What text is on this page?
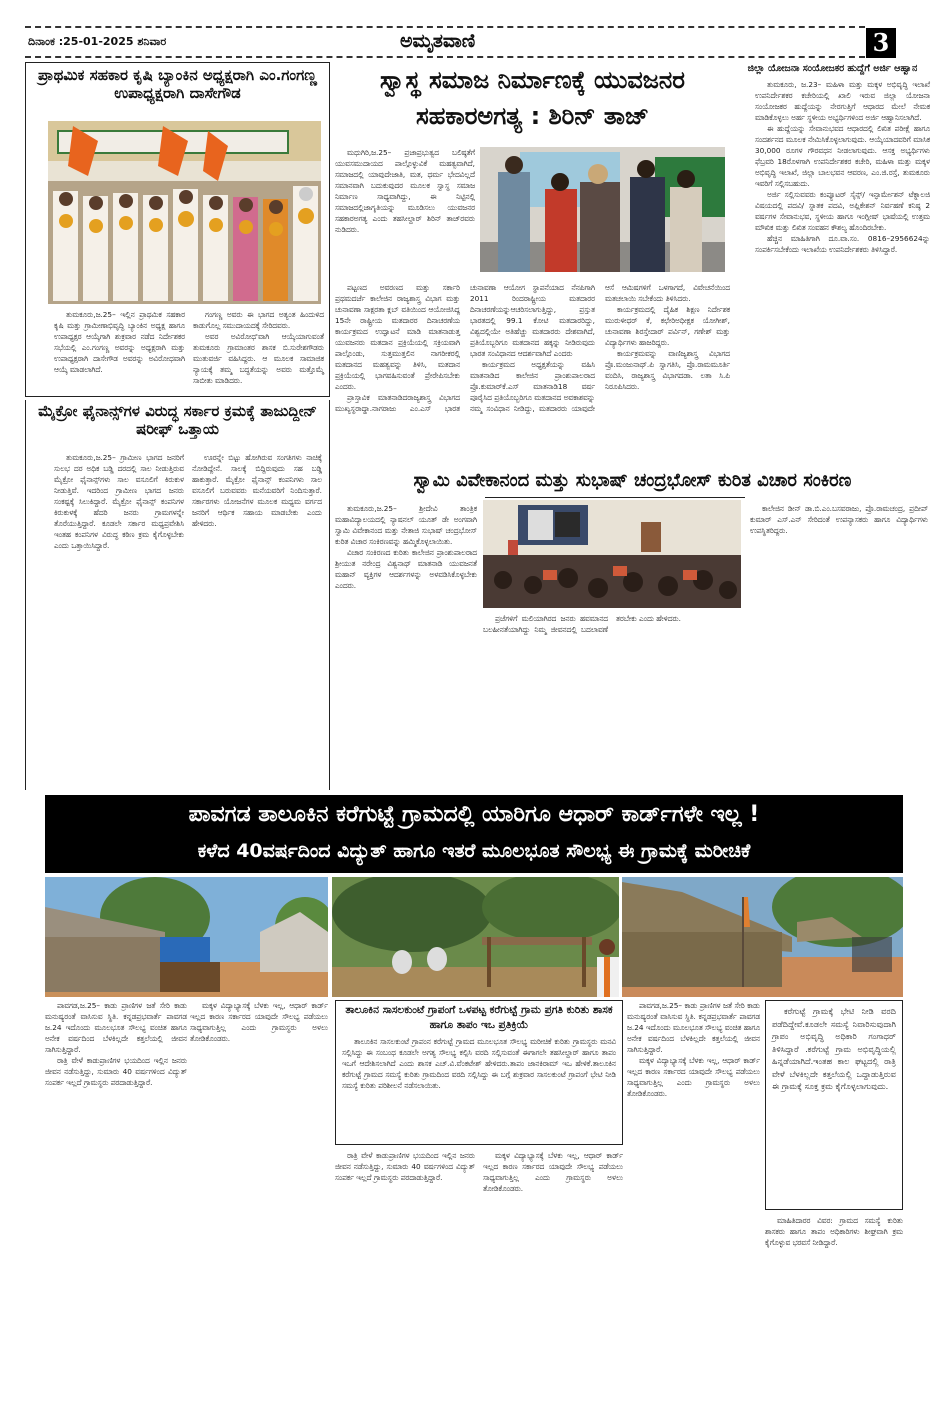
ದಿನಾಂಕ :25-01-2025 ಶನಿವಾರ	ಅಮೃತವಾಣಿ	3
ಪ್ರಾಥಮಿಕ ಸಹಕಾರ ಕೃಷಿ ಬ್ಯಾಂಕಿನ ಅಧ್ಯಕ್ಷರಾಗಿ ಎಂ.ಗಂಗಣ್ಣ ಉಪಾಧ್ಯಕ್ಷರಾಗಿ ದಾಸೇಗೌಡ

ತುಮಕೂರು,ಜ.25– ಇಲ್ಲಿನ ಪ್ರಾಥಮಿಕ ಸಹಕಾರ ಕೃಷಿ ಮತ್ತು ಗ್ರಾಮೀಣಾಭಿವೃದ್ಧಿ ಬ್ಯಾಂಕಿನ ಅಧ್ಯಕ್ಷ ಹಾಗೂ ಉಪಾಧ್ಯಕ್ಷರ ಆಯ್ಕೆಗಾಗಿ ಶುಕ್ರವಾರ ನಡೆದ ನಿರ್ದೇಶಕರ ಸಭೆಯಲ್ಲಿ ಎಂ.ಗಂಗಣ್ಣ ಅವರನ್ನು ಅಧ್ಯಕ್ಷರಾಗಿ ಮತ್ತು ಉಪಾಧ್ಯಕ್ಷರಾಗಿ ದಾಸೇಗೌಡ ಅವರನ್ನು ಅವಿರೋಧವಾಗಿ ಆಯ್ಕೆ ಮಾಡಲಾಗಿದೆ.

ಗಂಗಣ್ಣ ಅವರು ಈ ಭಾಗದ ಅತ್ಯಂತ ಹಿಂದುಳಿದ ಕಾಡುಗೊಲ್ಲ ಸಮುದಾಯದಕ್ಕೆ ಸೇರಿದವರು.

ಅವರ ಅವಿರೋಧ'ವಾಗಿ ಆಯ್ಕೆಯಾಗುವಂತೆ ತುಮಕೂರು ಗ್ರಾಮಾಂತರ ಶಾಸಕ ಬಿ.ಸುರೇಶಗೌಡರು ಮುತುವರ್ಜಿ ವಹಿಸಿದ್ದರು. ಆ ಮೂಲಕ ಸಾಮಾಜಿಕ ನ್ಯಾಯಕ್ಕೆ ತಮ್ಮ ಬದ್ಧತೆಯನ್ನು ಅವರು ಮತ್ತೊಮ್ಮೆ ಸಾಬೀತು ಮಾಡಿದರು.

ಮೈಕ್ರೋ ಫೈನಾನ್ಸ್‌ಗಳ ವಿರುದ್ಧ ಸರ್ಕಾರ ಕ್ರಮಕ್ಕೆ ತಾಜುದ್ದೀನ್ ಷರೀಫ್ ಒತ್ತಾಯ

ತುಮಕೂರು,ಜ.25– ಗ್ರಾಮೀಣ ಭಾಗದ ಜನರಿಗೆ ಸುಲಭ ದರ ಅಧಿಕ ಬಡ್ಡಿ ದರದಲ್ಲಿ ಸಾಲ ನೀಡುತ್ತಿರುವ ಮೈಕ್ರೋ ಫೈನಾನ್ಸ್‌ಗಳು ಸಾಲ ವಸೂಲಿಗೆ ಕಿರುಕುಳ ನೀಡುತ್ತಿವೆ. ಇದರಿಂದ ಗ್ರಾಮೀಣ ಭಾಗದ ಜನರು ಸಂಕಷ್ಟಕ್ಕೆ ಸಿಲುಕಿದ್ದಾರೆ. ಮೈಕ್ರೋ ಫೈನಾನ್ಸ್ ಕಂಪನಿಗಳ ಕಿರುಕುಳಕ್ಕೆ ಹೆದರಿ ಜನರು ಗ್ರಾಮಗಳನ್ನೇ ತೊರೆಯುತ್ತಿದ್ದಾರೆ. ಕೂಡಲೇ ಸರ್ಕಾರ ಮಧ್ಯಪ್ರವೇಶಿಸಿ ಇಂತಹ ಕಂಪನಿಗಳ ವಿರುದ್ಧ ಕಠಿಣ ಕ್ರಮ ಕೈಗೊಳ್ಳಬೇಕು ಎಂದು ಒತ್ತಾಯಿಸಿದ್ದಾರೆ.

ಊರನ್ನೇ ಬಿಟ್ಟು ಹೋಗಿರುವ ಸಂಗತಿಗಳು ನಾಚಿಕ್ಕೆ ನೋಡಿದ್ದೇನೆ. ಸಾಲಕ್ಕೆ ಬಿದ್ದಿರುವುದು ಸಹ ಬಡ್ಡಿ ಹಾಕುತ್ತಾರೆ. ಮೈಕ್ರೋ ಫೈನಾನ್ಸ್ ಕಂಪನಿಗಳು ಸಾಲ ವಸೂಲಿಗೆ ಬರುವವರು ಮನೆಯವರಿಗೆ ನಿಂದಿಸುತ್ತಾರೆ. ಸರ್ಕಾರಗಳು ಯೋಜನೆಗಳ ಮೂಲಕ ಮಧ್ಯಮ ವರ್ಗದ ಜನರಿಗೆ ಆರ್ಥಿಕ ಸಹಾಯ ಮಾಡಬೇಕು ಎಂದು ಹೇಳಿದರು.

ಸ್ವಾಸ್ಥ ಸಮಾಜ ನಿರ್ಮಾಣಕ್ಕೆ ಯುವಜನರ ಸಹಕಾರಅಗತ್ಯ : ಶಿರಿನ್ ತಾಜ್

ಮಧುಗಿರಿ,ಜ.25– ಪ್ರಜಾಪ್ರಭುತ್ವದ ಬಲಿಷ್ಠತೆಗೆ ಯುವಸಮುದಾಯದ ಪಾಲ್ಗೊಳ್ಳುವಿಕೆ ಮಹತ್ವವಾಗಿದೆ, ಸಮಾಜದಲ್ಲಿ ಯಾವುದೇಜಾತಿ, ಮತ, ಧರ್ಮ ಭೇದವಿಲ್ಲದೆ ಸಮಾನವಾಗಿ ಬದುಕುವುದರ ಮೂಲಕ ಸ್ವಾಸ್ಥ ಸಮಾಜ ನಿರ್ಮಾಣ ಸಾಧ್ಯವಾಗಿದ್ದು, ಈ ನಿಟ್ಟಿನಲ್ಲಿ ಸಮಾಜದಲ್ಲಿಜಾಗೃತಿಯನ್ನು ಮೂಡಿಸಲು ಯುವಜನರ ಸಹಕಾರಅಗತ್ಯ ಎಂದು ತಹಸೀಲ್ದಾರ್ ಶಿರಿನ್ ತಾಜ್‌ರವರು ನುಡಿದರು.

ಪಟ್ಟಣದ ಅವರಣದ ಮತ್ತು ಸರ್ಕಾರಿ ಪ್ರಥಮದರ್ಜೆ ಕಾಲೇಜಿನ ರಾಜ್ಯಶಾಸ್ತ್ರ ವಿಭಾಗ ಮತ್ತು ಚುನಾವಣಾ ಸಾಕ್ಷರತಾ ಕ್ಲಬ್ ವತಿಯಿಂದ ಆಯೋಜಿಸಿದ್ದ 15ನೇ ರಾಷ್ಟ್ರೀಯ ಮತದಾರರ ದಿನಾಚರಣೆಯ ಕಾರ್ಯಕ್ರಮದ ಉದ್ಘಾಟನೆ ಮಾಡಿ ಮಾತನಾಡುತ್ತ ಯುವಜನರು ಮತದಾನ ಪ್ರಕ್ರಿಯೆಯಲ್ಲಿ ಸಕ್ರಿಯವಾಗಿ ಪಾಲ್ಗೊಂಡು, ಸುತ್ತಮುತ್ತಲಿನ ನಾಗರೀಕರಲ್ಲಿ ಮತದಾನದ ಮಹತ್ವವನ್ನು ತಿಳಿಸಿ, ಮತದಾನ ಪ್ರಕ್ರಿಯೆಯಲ್ಲಿ ಭಾಗವಹಿಸುವಂತೆ ಪ್ರೇರೇಪಿಸಬೇಕು ಎಂದರು.

ಪ್ರಾಸ್ತಾವಿಕ ಮಾತನಾಡಿದರಾಜ್ಯಶಾಸ್ತ್ರ ವಿಭಾಗದ ಮುಖ್ಯಸ್ಥರಾದ್ಡಾ.ನಾಗರಾಜು ಎಂ.ಎಸ್ ಭಾರತ ಚುನಾವಣಾ ಆಯೋಗ ಸ್ಥಾಪನೆಯಾದ ನೆನಪಿಗಾಗಿ 2011 ರಿಂದರಾಷ್ಟ್ರೀಯ ಮತದಾರರ ದಿನಾಚರಣೆಯನ್ನುಆಚರಿಸಲಾಗುತ್ತಿದ್ದು, ಪ್ರಸ್ತುತ ಭಾರತದಲ್ಲಿ 99.1 ಕೋಟಿ ಮತದಾರರಿದ್ದು, ವಿಶ್ವದಲ್ಲಿಯೇ ಅತಿಹೆಚ್ಚು ಮತದಾರರು ದೇಶವಾಗಿದೆ, ಪ್ರತಿಯೊಬ್ಬರಿಗೂ ಮತದಾನದ ಹಕ್ಕನ್ನು ನೀಡಿರುವುದು ಭಾರತ ಸಂವಿಧಾನದ ಆದರ್ಶವಾಗಿದೆ ಎಂದರು

ಕಾರ್ಯಕ್ರಮದ ಅಧ್ಯಕ್ಷತೆಯನ್ನು ವಹಿಸಿ ಮಾತನಾಡಿದ ಕಾಲೇಜಿನ ಪ್ರಾಂಶುಪಾಲರಾದ ಪ್ರೊ.ಕುಮಾರ್‌ಕೆ.ಎಸ್ ಮಾತನಾಡಿ18 ವರ್ಷ ಪೂರೈಸಿದ ಪ್ರತಿಯೊಬ್ಬರಿಗೂ ಮತದಾನದ ಅವಕಾಶವನ್ನು ನಮ್ಮ ಸಂವಿಧಾನ ನೀಡಿದ್ದು, ಮತದಾರರು ಯಾವುದೇ ಆಸೆ ಆಮಿಷಗಳಿಗೆ ಒಳಗಾಗದೆ, ವಿವೇಚನೆಯಿಂದ ಮತಚಲಾಯಿ ಸಬೇಕೆಂದು ತಿಳಿಸಿದರು.

ಕಾರ್ಯಕ್ರಮದಲ್ಲಿ ದೈಹಿಕ ಶಿಕ್ಷಣ ನಿರ್ದೇಶಕ ಮುರುಳೀಧರ್ ಕೆ, ಕಛೇರಿಅಧೀಕ್ಷಕ ಯೋಗೀಶ್, ಚುನಾವಣಾ ಶಿರಸ್ತೇದಾರ್ ಪರ್ವಿನ್, ಗಣೇಶ್ ಮತ್ತು ವಿದ್ಯಾರ್ಥಿಗಳು ಹಾಜರಿದ್ದರು.

ಕಾರ್ಯಕ್ರಮವನ್ನು ವಾಣಿಜ್ಯಶಾಸ್ತ್ರ ವಿಭಾಗದ ಪ್ರೊ.ಮಂಜುನಾಥ್.ಪಿ ಸ್ವಾಗತಿಸಿ, ಪ್ರೊ.ರಾಮಮೂರ್ತಿ ವಂದಿಸಿ, ರಾಜ್ಯಶಾಸ್ತ್ರ ವಿಭಾಗದಡಾ. ಲತಾ ಸಿ.ಪಿ ನಿರೂಪಿಸಿದರು.

ಜಿಲ್ಲಾ ಯೋಜನಾ ಸಂಯೋಜಕರ ಹುದ್ದೆಗೆ ಅರ್ಜಿ ಆಹ್ವಾನ

ತುಮಕೂರು, ಜ.23– ಮಹಿಳಾ ಮತ್ತು ಮಕ್ಕಳ ಅಭಿವೃದ್ಧಿ ಇಲಾಖೆ ಉಪನಿರ್ದೇಶಕರ ಕಚೇರಿಯಲ್ಲಿ ಖಾಲಿ ಇರುವ ಜಿಲ್ಲಾ ಯೋಜನಾ ಸಂಯೋಜಕರ ಹುದ್ದೆಯನ್ನು ನೇರಗುತ್ತಿಗೆ ಆಧಾರದ ಮೇಲೆ ನೇಮಕ ಮಾಡಿಕೊಳ್ಳಲು ಅರ್ಹ ಸ್ಥಳೀಯ ಅಭ್ಯರ್ಥಿಗಳಿಂದ ಅರ್ಜಿ ಆಹ್ವಾನಿಸಲಾಗಿದೆ.

ಈ ಹುದ್ದೆಯನ್ನು ಸೇವಾನುಭವದ ಆಧಾರದಲ್ಲಿ ಲಿಖಿತ ಪರೀಕ್ಷೆ ಹಾಗೂ ಸಂದರ್ಶನದ ಮೂಲಕ ನೇಮಿಸಿಕೊಳ್ಳಲಾಗುವುದು. ಆಯ್ಕೆಯಾದವರಿಗೆ ಮಾಸಿಕ 30,000 ರೂಗಳ ಗೌರವಧನ ನೀಡಲಾಗುವುದು. ಆಸಕ್ತ ಅಭ್ಯರ್ಥಿಗಳು ಫೆಬ್ರವರಿ 18ರೊಳಗಾಗಿ ಉಪನಿರ್ದೇಶಕರ ಕಚೇರಿ, ಮಹಿಳಾ ಮತ್ತು ಮಕ್ಕಳ ಅಭಿವೃದ್ಧಿ ಇಲಾಖೆ, ಜಿಲ್ಲಾ ಬಾಲಭವನ ಆವರಣ, ಎಂ.ಜಿ.ರಸ್ತೆ, ತುಮಕೂರು ಇವರಿಗೆ ಸಲ್ಲಿಸಬಹುದು.

ಅರ್ಜಿ ಸಲ್ಲಿಸುವವರು ಕಂಪ್ಯೂಟರ್ ಸೈನ್ಸ್/ ಇನ್ಫಾರ್ಮೇಶನ್ ಟೆಕ್ನಾಲಜಿ ವಿಷಯದಲ್ಲಿ ಪದವಿ/ ಸ್ನಾತಕ ಪದವಿ, ಅಪ್ಲಿಕೇಶನ್ ನಿರ್ವಹಣೆ ಕನಿಷ್ಠ 2 ವರ್ಷಗಳ ಸೇವಾನುಭವ, ಸ್ಥಳೀಯ ಹಾಗೂ ಇಂಗ್ಲೀಷ್ ಭಾಷೆಯಲ್ಲಿ ಉತ್ತಮ ಮೌಖಿಕ ಮತ್ತು ಲಿಖಿತ ಸಂವಹನ ಕೌಶಲ್ಯ ಹೊಂದಿರಬೇಕು.

ಹೆಚ್ಚಿನ ಮಾಹಿತಿಗಾಗಿ ದೂ.ವಾ.ಸಂ. 0816–2956624ನ್ನು ಸಂಪರ್ಕಿಸಬೇಕೆಂದು ಇಲಾಖೆಯ ಉಪನಿರ್ದೇಶಕರು ತಿಳಿಸಿದ್ದಾರೆ.

ಸ್ವಾಮಿ ವಿವೇಕಾನಂದ ಮತ್ತು ಸುಭಾಷ್ ಚಂದ್ರಭೋಸ್ ಕುರಿತ ವಿಚಾರ ಸಂಕಿರಣ

ತುಮಕೂರು,ಜ.25– ಶ್ರೀದೇವಿ ತಾಂತ್ರಿಕ ಮಹಾವಿದ್ಯಾಲಯದಲ್ಲಿ ನ್ಯಾಷನಲ್ ಯೂತ್ ಡೇ ಅಂಗವಾಗಿ ಸ್ವಾಮಿ ವಿವೇಕಾನಂದ ಮತ್ತು ನೇತಾಜಿ ಸುಭಾಷ್ ಚಂದ್ರಭೋಸ್ ಕುರಿತ ವಿಚಾರ ಸಂಕಿರಣವನ್ನು ಹಮ್ಮಿಕೊಳ್ಳಲಾಯಿತು.

ವಿಚಾರ ಸಂಕಿರಣದ ಕುರಿತು ಕಾಲೇಜಿನ ಪ್ರಾಂಶುಪಾಲರಾದ ಶ್ರೀಯುತ ನರೇಂದ್ರ ವಿಶ್ವನಾಥ್ ಮಾತನಾಡಿ ಯುವಜನತೆ ಮಹಾನ್ ವ್ಯಕ್ತಿಗಳ ಆದರ್ಶಗಳನ್ನು ಅಳವಡಿಸಿಕೊಳ್ಳಬೇಕು ಎಂದರು.

ಪ್ರಜೆಗಳಿಗೆ ಮಲಿಯಾಗಿರದ ಜನರು ಹವಮಾನದ ಬಲಹೀನತೆಯಾಗಿದ್ದು ನಿಮ್ಮ ಜೀವನದಲ್ಲಿ ಬದಲಾವಣೆ ತರಬೇಕು ಎಂದು ಹೇಳಿದರು.

ಕಾಲೇಜಿನ ಡೀನ್ ಡಾ.ಬಿ.ಎಂ.ಬಸವರಾಜು, ಪ್ರೊ.ರಾಮಚಂದ್ರ, ಪ್ರದೀಪ್ ಕುಮಾರ್ ಎಸ್.ಎನ್ ಸೇರಿದಂತೆ ಉಪನ್ಯಾಸಕರು ಹಾಗೂ ವಿದ್ಯಾರ್ಥಿಗಳು ಉಪಸ್ಥಿತರಿದ್ದರು.

ಪಾವಗಡ ತಾಲೂಕಿನ ಕರೆಗುಟ್ಟೆ ಗ್ರಾಮದಲ್ಲಿ ಯಾರಿಗೂ ಆಧಾರ್ ಕಾರ್ಡ್‌ಗಳೇ ಇಲ್ಲ !
ಕಳೆದ 40ವರ್ಷದಿಂದ ವಿದ್ಯುತ್ ಹಾಗೂ ಇತರೆ ಮೂಲಭೂತ ಸೌಲಭ್ಯ ಈ ಗ್ರಾಮಕ್ಕೆ ಮರೀಚಿಕೆ

ಪಾವಗಡ,ಜ.25– ಕಾಡು ಪ್ರಾಣಿಗಳ ಜತೆ ಸೇರಿ ಕಾಡು ಮನುಷ್ಯರಂತೆ ವಾಸಿಸುವ ಸ್ಥಿತಿ. ಕನ್ನಡಪ್ರಭವಾರ್ತೆ ಪಾವಗಡ ಜ.24 ಇದೊಂದು ಮೂಲಭೂತ ಸೌಲಭ್ಯ ವಂಚಿತ ಹಾಗೂ ಅನೇಕ ವರ್ಷದಿಂದ ಬೆಳಕಿಲ್ಲದೇ ಕತ್ತಲೆಯಲ್ಲಿ ಜೀವನ ಸಾಗಿಸುತ್ತಿದ್ದಾರೆ.

ರಾತ್ರಿ ವೇಳೆ ಕಾಡುಪ್ರಾಣಿಗಳ ಭಯದಿಂದ ಇಲ್ಲಿನ ಜನರು ಜೀವನ ನಡೆಸುತ್ತಿದ್ದು, ಸುಮಾರು 40 ವರ್ಷಗಳಿಂದ ವಿದ್ಯುತ್ ಸಂಪರ್ಕ ಇಲ್ಲದೆ ಗ್ರಾಮಸ್ಥರು ಪರದಾಡುತ್ತಿದ್ದಾರೆ.

ಮಕ್ಕಳ ವಿದ್ಯಾಭ್ಯಾಸಕ್ಕೆ ಬೆಳಕು ಇಲ್ಲ, ಆಧಾರ್ ಕಾರ್ಡ್ ಇಲ್ಲದ ಕಾರಣ ಸರ್ಕಾರದ ಯಾವುದೇ ಸೌಲಭ್ಯ ಪಡೆಯಲು ಸಾಧ್ಯವಾಗುತ್ತಿಲ್ಲ ಎಂದು ಗ್ರಾಮಸ್ಥರು ಅಳಲು ತೋಡಿಕೊಂಡರು.

ತಾಲೂಕಿನ ಸಾಸಲಕುಂಟೆ ಗ್ರಾಪಂಗೆ ಒಳಪಟ್ಟ ಕರೆಗುಟ್ಟೆ ಗ್ರಾಮ ಪ್ರಗತಿ ಕುರಿತು ಶಾಸಕ ಹಾಗೂ ತಾಪಂ ಇಒ ಪ್ರತಿಕ್ರಿಯೆ

ತಾಲೂಕಿನ ಸಾಸಲಕುಂಟೆ ಗ್ರಾಪಂನ ಕರೆಗುಟ್ಟೆ ಗ್ರಾಮದ ಮೂಲಭೂತ ಸೌಲಭ್ಯ ಮರೀಚಿಕೆ ಕುರಿತು ಗ್ರಾಮಸ್ಥರು ಮನವಿ ಸಲ್ಲಿಸಿದ್ದು ಈ ಸಂಬಂಧ ಕೂಡಲೇ ಅಗತ್ಯ ಸೌಲಭ್ಯ ಕಲ್ಪಿಸಿ ವರದಿ ಸಲ್ಲಿಸುವಂತೆ ಈಗಾಗಲೇ ತಹಸೀಲ್ದಾರ್ ಹಾಗೂ ತಾಪಂ ಇಒಗೆ ಆದೇಶಿಸಲಾಗಿದೆ ಎಂದು ಶಾಸಕ ಎಚ್.ವಿ.ವೆಂಕಟೇಶ್ ಹೇಳಿದರು.ತಾಪಂ ಜಾನಕಿರಾಮ್ ಇಒ ಹೇಳಿಕೆ.ತಾಲೂಕಿನ ಕರೆಗುಟ್ಟೆ ಗ್ರಾಮದ ಸಮಸ್ಯೆ ಕುರಿತು ಗ್ರಾಮದಿಂದ ವರದಿ ಸಲ್ಲಿಸಿದ್ದು ಈ ಬಗ್ಗೆ ಶುಕ್ರವಾರ ಸಾಸಲಕುಂಟೆ ಗ್ರಾಪಂಗೆ ಭೇಟಿ ನೀಡಿ ಸಮಸ್ಯೆ ಕುರಿತು ಪರಿಶೀಲನೆ ನಡೆಸಲಾಯಿತು.

ರಾತ್ರಿ ವೇಳೆ ಕಾಡುಪ್ರಾಣಿಗಳ ಭಯದಿಂದ ಇಲ್ಲಿನ ಜನರು ಜೀವನ ನಡೆಸುತ್ತಿದ್ದು, ಸುಮಾರು 40 ವರ್ಷಗಳಿಂದ ವಿದ್ಯುತ್ ಸಂಪರ್ಕ ಇಲ್ಲದೆ ಗ್ರಾಮಸ್ಥರು ಪರದಾಡುತ್ತಿದ್ದಾರೆ.

ಮಕ್ಕಳ ವಿದ್ಯಾಭ್ಯಾಸಕ್ಕೆ ಬೆಳಕು ಇಲ್ಲ, ಆಧಾರ್ ಕಾರ್ಡ್ ಇಲ್ಲದ ಕಾರಣ ಸರ್ಕಾರದ ಯಾವುದೇ ಸೌಲಭ್ಯ ಪಡೆಯಲು ಸಾಧ್ಯವಾಗುತ್ತಿಲ್ಲ ಎಂದು ಗ್ರಾಮಸ್ಥರು ಅಳಲು ತೋಡಿಕೊಂಡರು.

ಪಾವಗಡ,ಜ.25– ಕಾಡು ಪ್ರಾಣಿಗಳ ಜತೆ ಸೇರಿ ಕಾಡು ಮನುಷ್ಯರಂತೆ ವಾಸಿಸುವ ಸ್ಥಿತಿ. ಕನ್ನಡಪ್ರಭವಾರ್ತೆ ಪಾವಗಡ ಜ.24 ಇದೊಂದು ಮೂಲಭೂತ ಸೌಲಭ್ಯ ವಂಚಿತ ಹಾಗೂ ಅನೇಕ ವರ್ಷದಿಂದ ಬೆಳಕಿಲ್ಲದೇ ಕತ್ತಲೆಯಲ್ಲಿ ಜೀವನ ಸಾಗಿಸುತ್ತಿದ್ದಾರೆ.

ಮಕ್ಕಳ ವಿದ್ಯಾಭ್ಯಾಸಕ್ಕೆ ಬೆಳಕು ಇಲ್ಲ, ಆಧಾರ್ ಕಾರ್ಡ್ ಇಲ್ಲದ ಕಾರಣ ಸರ್ಕಾರದ ಯಾವುದೇ ಸೌಲಭ್ಯ ಪಡೆಯಲು ಸಾಧ್ಯವಾಗುತ್ತಿಲ್ಲ ಎಂದು ಗ್ರಾಮಸ್ಥರು ಅಳಲು ತೋಡಿಕೊಂಡರು.

ಕರೆಗುಟ್ಟೆ ಗ್ರಾಮಕ್ಕೆ ಭೇಟಿ ನೀಡಿ ವರದಿ ಪಡೆದಿದ್ದೇವೆ.ಕೂಡಲೇ ಸಮಸ್ಯೆ ನಿವಾರಿಸುವುದಾಗಿ ಗ್ರಾಪಂ ಅಭಿವೃದ್ಧಿ ಅಧಿಕಾರಿ ಗಂಗಾಧರ್ ತಿಳಿಸಿದ್ದಾರೆ .ಕರೆಗುಟ್ಟೆ ಗ್ರಾಮ ಅಭಿವೃದ್ಧಿಯಲ್ಲಿ ಹಿನ್ನಡೆಯಾಗಿದೆ.ಇಂತಹ ಕಾಲ ಘಟ್ಟದಲ್ಲಿ ರಾತ್ರಿ ವೇಳೆ ಬೆಳಕಿಲ್ಲದೇ ಕತ್ತಲೆಯಲ್ಲಿ ಒದ್ದಾಡುತ್ತಿರುವ ಈ ಗ್ರಾಮಕ್ಕೆ ಸೂಕ್ತ ಕ್ರಮ ಕೈಗೊಳ್ಳಲಾಗುವುದು.

ಮಾಹಿತಿದಾರರ ವಿವರ: ಗ್ರಾಮದ ಸಮಸ್ಯೆ ಕುರಿತು ಶಾಸಕರು ಹಾಗೂ ತಾಪಂ ಅಧಿಕಾರಿಗಳು ಶೀಘ್ರವಾಗಿ ಕ್ರಮ ಕೈಗೊಳ್ಳುವ ಭರವಸೆ ನೀಡಿದ್ದಾರೆ.
